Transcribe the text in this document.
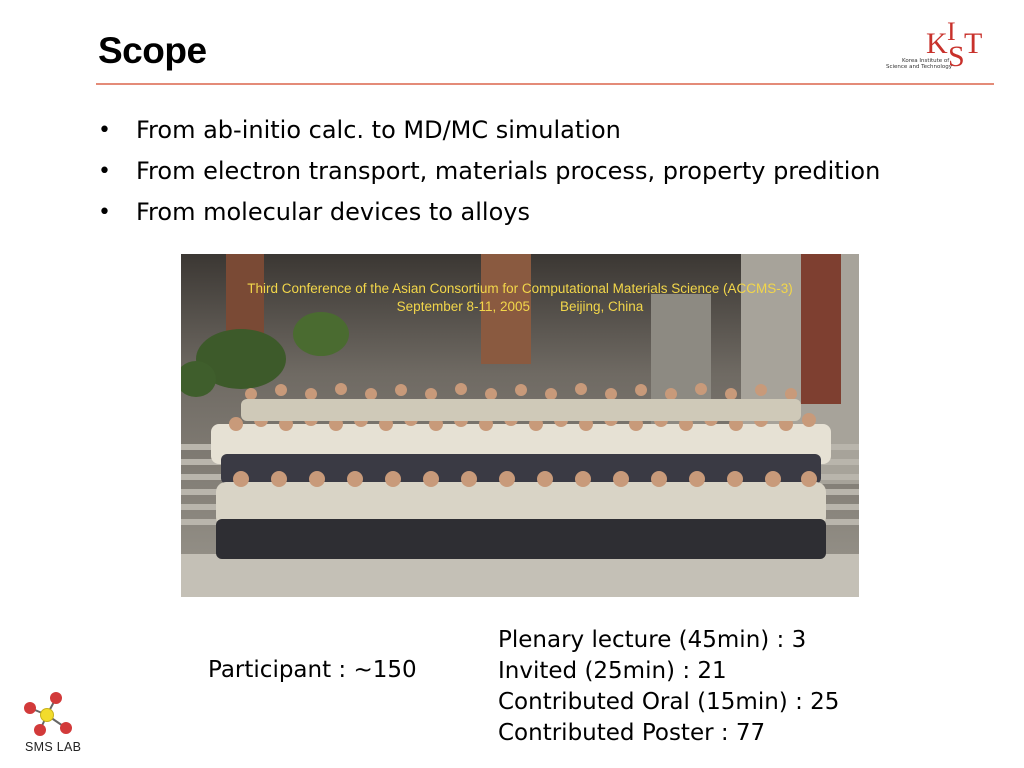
Scope	K I
S T
Korea Institute of
Science and Technology
• From ab-initio calc. to MD/MC simulation
• From electron transport, materials process, property predition
• From molecular devices to alloys
Third Conference of the Asian Consortium for Computational Materials Science (ACCMS-3)
September 8-11, 2005        Beijing, China
Participant : ~150
Plenary lecture (45min) : 3
Invited (25min) : 21
Contributed Oral (15min) : 25
Contributed Poster : 77
SMS LAB
